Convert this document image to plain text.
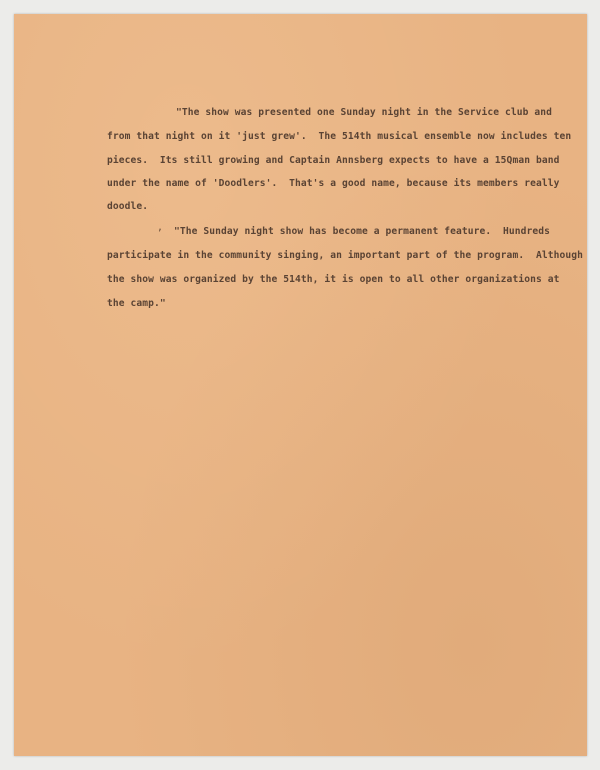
"The show was presented one Sunday night in the Service club and
from that night on it 'just grew'.  The 514th musical ensemble now includes ten
pieces.  Its still growing and Captain Annsberg expects to have a 15Qman band
under the name of 'Doodlers'.  That's a good name, because its members really
doodle.
, "The Sunday night show has become a permanent feature.  Hundreds
participate in the community singing, an important part of the program.  Although
the show was organized by the 514th, it is open to all other organizations at
the camp."
